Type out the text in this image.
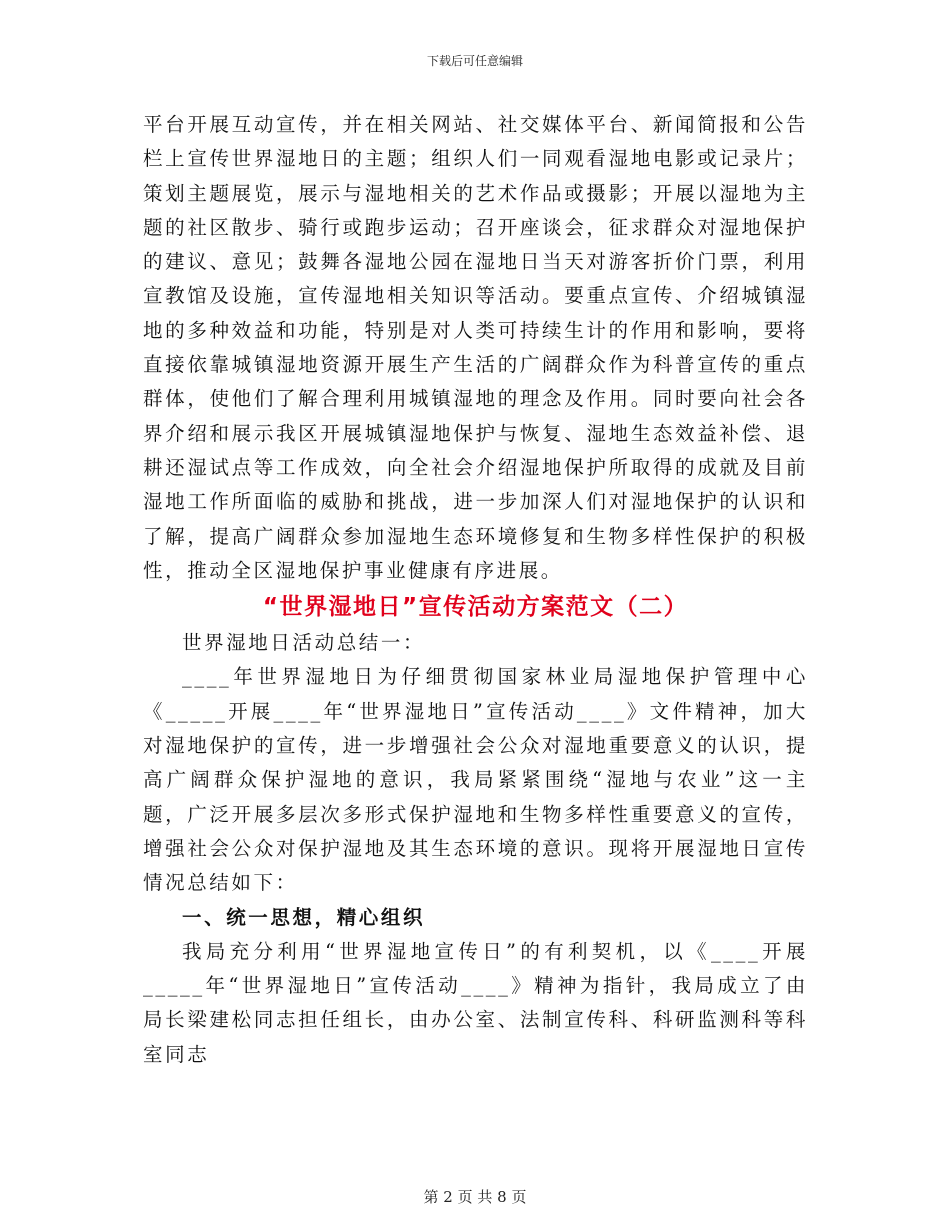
下载后可任意编辑

平台开展互动宣传，并在相关网站、社交媒体平台、新闻简报和公告栏上宣传世界湿地日的主题；组织人们一同观看湿地电影或记录片；策划主题展览，展示与湿地相关的艺术作品或摄影；开展以湿地为主题的社区散步、骑行或跑步运动；召开座谈会，征求群众对湿地保护的建议、意见；鼓舞各湿地公园在湿地日当天对游客折价门票，利用宣教馆及设施，宣传湿地相关知识等活动。要重点宣传、介绍城镇湿地的多种效益和功能，特别是对人类可持续生计的作用和影响，要将直接依靠城镇湿地资源开展生产生活的广阔群众作为科普宣传的重点群体，使他们了解合理利用城镇湿地的理念及作用。同时要向社会各界介绍和展示我区开展城镇湿地保护与恢复、湿地生态效益补偿、退耕还湿试点等工作成效，向全社会介绍湿地保护所取得的成就及目前湿地工作所面临的威胁和挑战，进一步加深人们对湿地保护的认识和了解，提高广阔群众参加湿地生态环境修复和生物多样性保护的积极性，推动全区湿地保护事业健康有序进展。

“世界湿地日”宣传活动方案范文（二）

世界湿地日活动总结一：

____年世界湿地日为仔细贯彻国家林业局湿地保护管理中心《_____开展____年“世界湿地日”宣传活动____》文件精神，加大对湿地保护的宣传，进一步增强社会公众对湿地重要意义的认识，提高广阔群众保护湿地的意识，我局紧紧围绕“湿地与农业”这一主题，广泛开展多层次多形式保护湿地和生物多样性重要意义的宣传，增强社会公众对保护湿地及其生态环境的意识。现将开展湿地日宣传情况总结如下：

一、统一思想，精心组织

我局充分利用“世界湿地宣传日”的有利契机，以《____开展_____年“世界湿地日”宣传活动____》精神为指针，我局成立了由局长梁建松同志担任组长，由办公室、法制宣传科、科研监测科等科室同志

第 2 页 共 8 页
